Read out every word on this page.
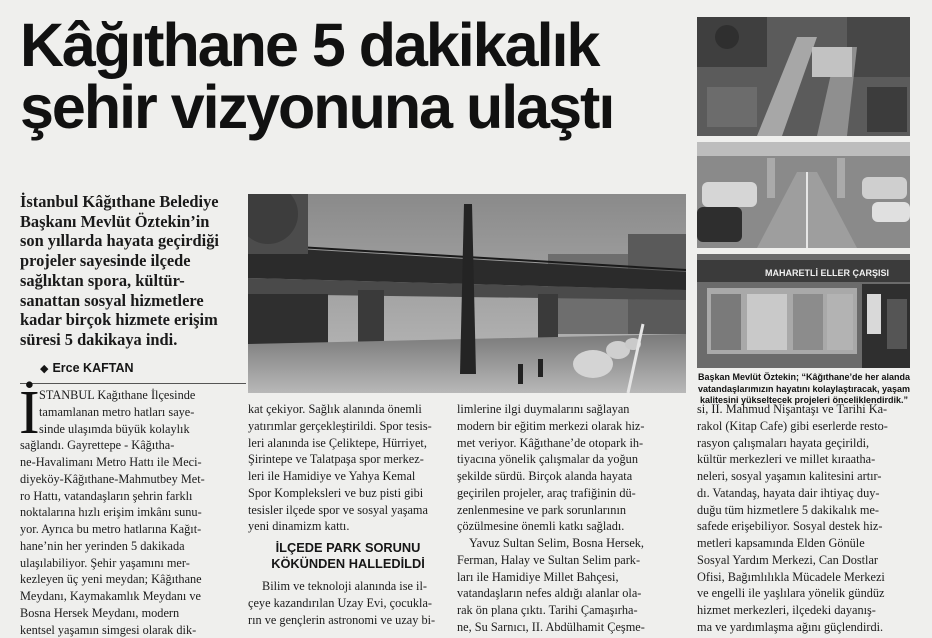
Kâğıthane 5 dakikalık
şehir vizyonuna ulaştı
İstanbul Kâğıthane Belediye
Başkanı Mevlüt Öztekin’in
son yıllarda hayata geçirdiği
projeler sayesinde ilçede
sağlıktan spora, kültür-
sanattan sosyal hizmetlere
kadar birçok hizmete erişim
süresi 5 dakikaya indi.
◆ Erce KAFTAN
MAHARETLİ ELLER ÇARŞISI
Başkan Mevlüt Öztekin; “Kâğıthane’de her alanda
vatandaşlarımızın hayatını kolaylaştıracak, yaşam
kalitesini yükseltecek projeleri önceliklendirdik.”
İ STANBUL Kağıthane İlçesinde
tamamlanan metro hatları saye-
sinde ulaşımda büyük kolaylık
sağlandı. Gayrettepe - Kâğıtha-
ne-Havalimanı Metro Hattı ile Meci-
diyeköy-Kâğıthane-Mahmutbey Met-
ro Hattı, vatandaşların şehrin farklı
noktalarına hızlı erişim imkânı sunu-
yor. Ayrıca bu metro hatlarına Kağıt-
hane’nin her yerinden 5 dakikada
ulaşılabiliyor. Şehir yaşamını mer-
kezleyen üç yeni meydan; Kâğıthane
Meydanı, Kaymakamlık Meydanı ve
Bosna Hersek Meydanı, modern
kentsel yaşamın simgesi olarak dik-
kat çekiyor. Sağlık alanında önemli
yatırımlar gerçekleştirildi. Spor tesis-
leri alanında ise Çeliktepe, Hürriyet,
Şirintepe ve Talatpaşa spor merkez-
leri ile Hamidiye ve Yahya Kemal
Spor Kompleksleri ve buz pisti gibi
tesisler ilçede spor ve sosyal yaşama
yeni dinamizm kattı.
İLÇEDE PARK SORUNU
KÖKÜNDEN HALLEDİLDİ
Bilim ve teknoloji alanında ise il-
çeye kazandırılan Uzay Evi, çocukla-
rın ve gençlerin astronomi ve uzay bi-
limlerine ilgi duymalarını sağlayan
modern bir eğitim merkezi olarak hiz-
met veriyor. Kâğıthane’de otopark ih-
tiyacına yönelik çalışmalar da yoğun
şekilde sürdü. Birçok alanda hayata
geçirilen projeler, araç trafiğinin dü-
zenlenmesine ve park sorunlarının
çözülmesine önemli katkı sağladı.
Yavuz Sultan Selim, Bosna Hersek,
Ferman, Halay ve Sultan Selim park-
ları ile Hamidiye Millet Bahçesi,
vatandaşların nefes aldığı alanlar ola-
rak ön plana çıktı. Tarihi Çamaşırha-
ne, Su Sarnıcı, II. Abdülhamit Çeşme-
si, II. Mahmud Nişantaşı ve Tarihi Ka-
rakol (Kitap Cafe) gibi eserlerde resto-
rasyon çalışmaları hayata geçirildi,
kültür merkezleri ve millet kıraatha-
neleri, sosyal yaşamın kalitesini artır-
dı. Vatandaş, hayata dair ihtiyaç duy-
duğu tüm hizmetlere 5 dakikalık me-
safede erişebiliyor. Sosyal destek hiz-
metleri kapsamında Elden Gönüle
Sosyal Yardım Merkezi, Can Dostlar
Ofisi, Bağımlılıkla Mücadele Merkezi
ve engelli ile yaşlılara yönelik gündüz
hizmet merkezleri, ilçedeki dayanış-
ma ve yardımlaşma ağını güçlendirdi.
